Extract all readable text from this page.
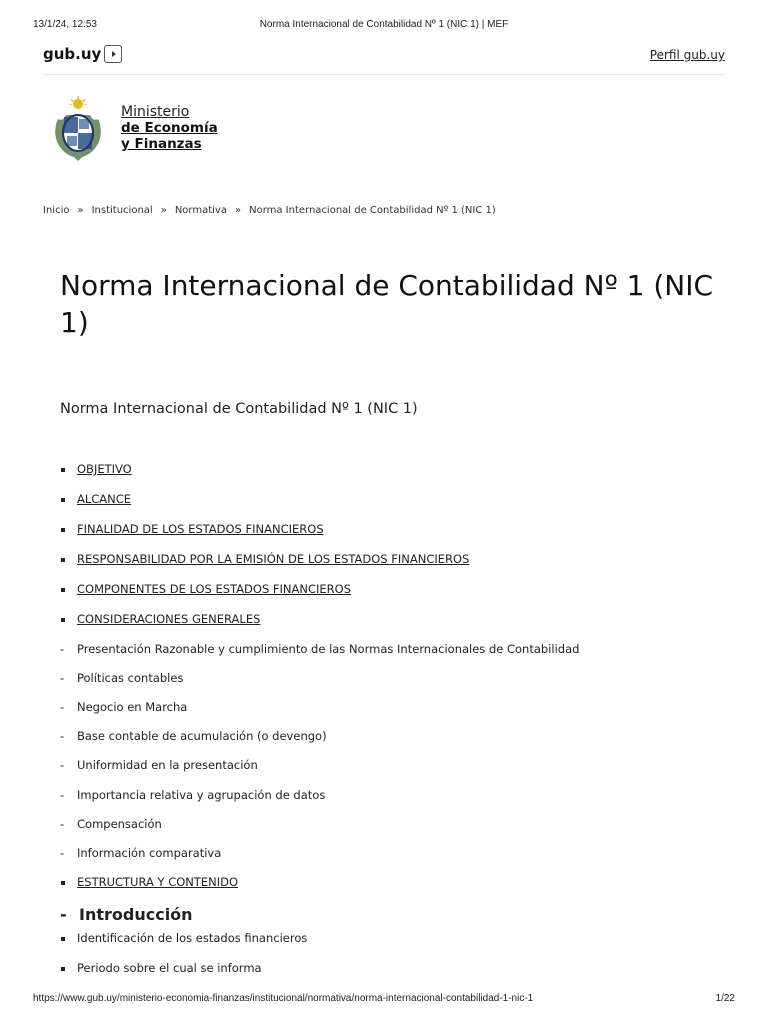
13/1/24, 12:53	Norma Internacional de Contabilidad Nº 1 (NIC 1) | MEF
gub.uy	Perfil gub.uy
Ministerio
de Economía
y Finanzas
Inicio » Institucional » Normativa » Norma Internacional de Contabilidad Nº 1 (NIC 1)
Norma Internacional de Contabilidad Nº 1 (NIC 1)
Norma Internacional de Contabilidad Nº 1 (NIC 1)
OBJETIVO
ALCANCE
FINALIDAD DE LOS ESTADOS FINANCIEROS
RESPONSABILIDAD POR LA EMISIÓN DE LOS ESTADOS FINANCIEROS
COMPONENTES DE LOS ESTADOS FINANCIEROS
CONSIDERACIONES GENERALES
-	Presentación Razonable y cumplimiento de las Normas Internacionales de Contabilidad
-	Políticas contables
-	Negocio en Marcha
-	Base contable de acumulación (o devengo)
-	Uniformidad en la presentación
-	Importancia relativa y agrupación de datos
-	Compensación
-	Información comparativa
ESTRUCTURA Y CONTENIDO
- Introducción
Identificación de los estados financieros
Periodo sobre el cual se informa
https://www.gub.uy/ministerio-economia-finanzas/institucional/normativa/norma-internacional-contabilidad-1-nic-1	1/22
